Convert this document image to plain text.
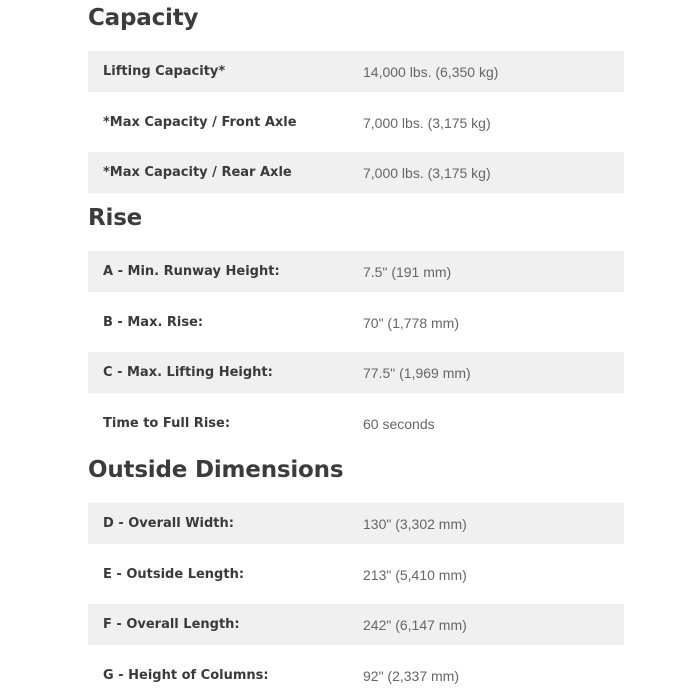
Capacity
Lifting Capacity*	14,000 lbs. (6,350 kg)
*Max Capacity / Front Axle	7,000 lbs. (3,175 kg)
*Max Capacity / Rear Axle	7,000 lbs. (3,175 kg)
Rise
A - Min. Runway Height:	7.5" (191 mm)
B - Max. Rise:	70" (1,778 mm)
C - Max. Lifting Height:	77.5" (1,969 mm)
Time to Full Rise:	60 seconds
Outside Dimensions
D - Overall Width:	130" (3,302 mm)
E - Outside Length:	213" (5,410 mm)
F - Overall Length:	242" (6,147 mm)
G - Height of Columns:	92" (2,337 mm)
